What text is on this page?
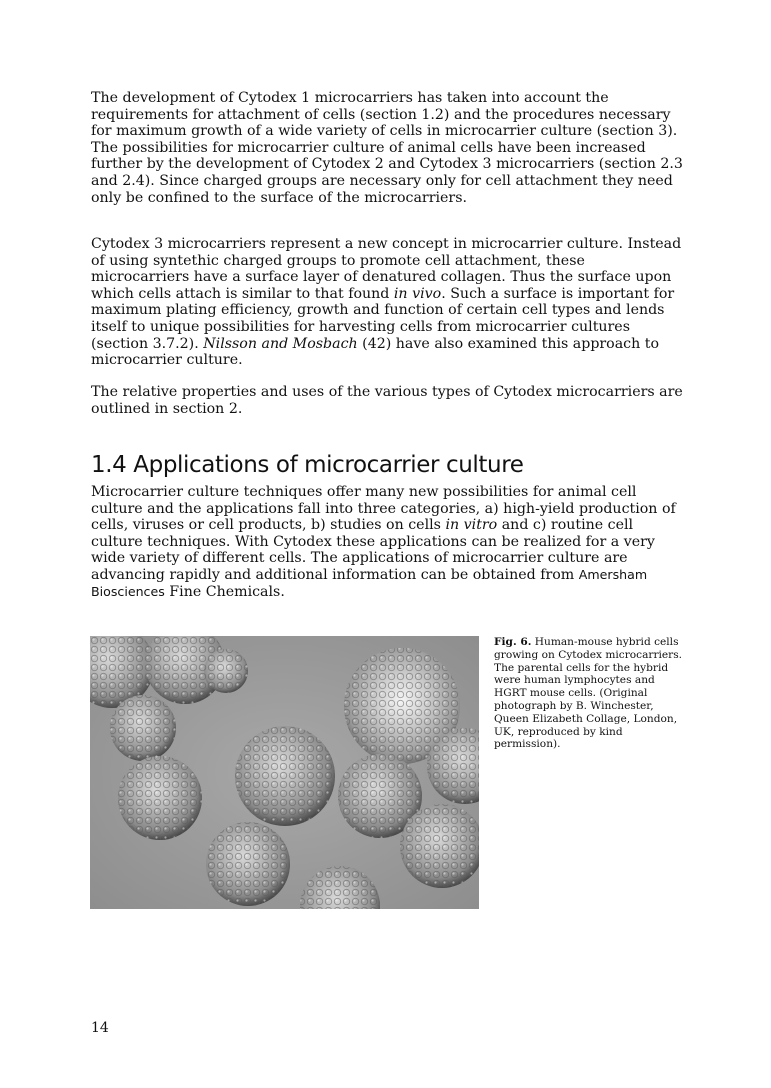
The development of Cytodex 1 microcarriers has taken into account the requirements for attachment of cells (section 1.2) and the procedures necessary for maximum growth of a wide variety of cells in microcarrier culture (section 3). The possibilities for microcarrier culture of animal cells have been increased further by the development of Cytodex 2 and Cytodex 3 microcarriers (section 2.3 and 2.4). Since charged groups are necessary only for cell attachment they need only be confined to the surface of the microcarriers.

Cytodex 3 microcarriers represent a new concept in microcarrier culture. Instead of using syntethic charged groups to promote cell attachment, these microcarriers have a surface layer of denatured collagen. Thus the surface upon which cells attach is similar to that found in vivo. Such a surface is important for maximum plating efficiency, growth and function of certain cell types and lends itself to unique possibilities for harvesting cells from microcarrier cultures (section 3.7.2). Nilsson and Mosbach (42) have also examined this approach to microcarrier culture.

The relative properties and uses of the various types of Cytodex microcarriers are outlined in section 2.

1.4 Applications of microcarrier culture

Microcarrier culture techniques offer many new possibilities for animal cell culture and the applications fall into three categories, a) high-yield production of cells, viruses or cell products, b) studies on cells in vitro and c) routine cell culture techniques. With Cytodex these applications can be realized for a very wide variety of different cells. The applications of microcarrier culture are advancing rapidly and additional information can be obtained from Amersham Biosciences Fine Chemicals.

Fig. 6. Human-mouse hybrid cells growing on Cytodex microcarriers. The parental cells for the hybrid were human lymphocytes and HGRT mouse cells. (Original photograph by B. Winchester, Queen Elizabeth Collage, London, UK, reproduced by kind permission).

14
